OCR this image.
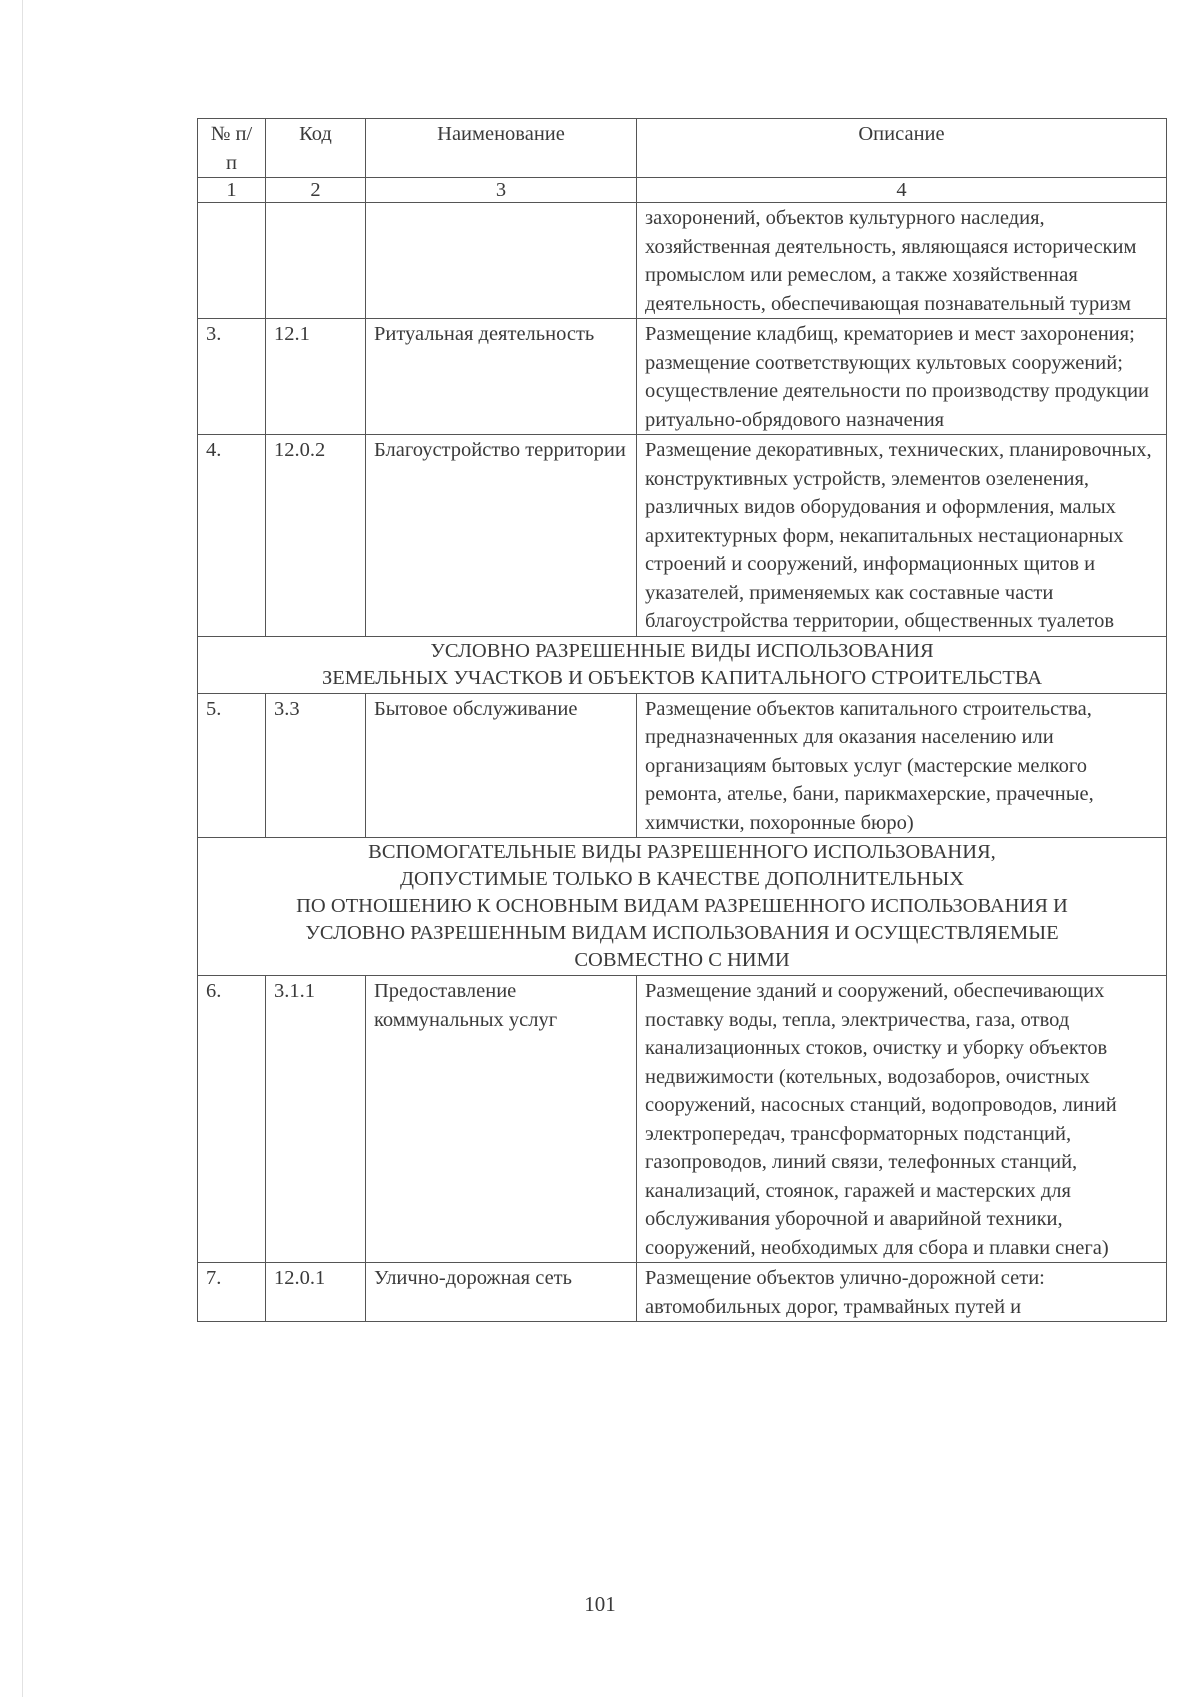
№ п/п	Код	Наименование	Описание
1	2	3	4
			захоронений, объектов культурного наследия, хозяйственная деятельность, являющаяся историческим промыслом или ремеслом, а также хозяйственная деятельность, обеспечивающая познавательный туризм
3.	12.1	Ритуальная деятельность	Размещение кладбищ, крематориев и мест захоронения; размещение соответствующих культовых сооружений; осуществление деятельности по производству продукции ритуально-обрядового назначения
4.	12.0.2	Благоустройство территории	Размещение декоративных, технических, планировочных, конструктивных устройств, элементов озеленения, различных видов оборудования и оформления, малых архитектурных форм, некапитальных нестационарных строений и сооружений, информационных щитов и указателей, применяемых как составные части благоустройства территории, общественных туалетов

УСЛОВНО РАЗРЕШЕННЫЕ ВИДЫ ИСПОЛЬЗОВАНИЯ
ЗЕМЕЛЬНЫХ УЧАСТКОВ И ОБЪЕКТОВ КАПИТАЛЬНОГО СТРОИТЕЛЬСТВА			

5.	3.3	Бытовое обслуживание	Размещение объектов капитального строительства, предназначенных для оказания населению или организациям бытовых услуг (мастерские мелкого ремонта, ателье, бани, парикмахерские, прачечные, химчистки, похоронные бюро)

ВСПОМОГАТЕЛЬНЫЕ ВИДЫ РАЗРЕШЕННОГО ИСПОЛЬЗОВАНИЯ,
ДОПУСТИМЫЕ ТОЛЬКО В КАЧЕСТВЕ ДОПОЛНИТЕЛЬНЫХ
ПО ОТНОШЕНИЮ К ОСНОВНЫМ ВИДАМ РАЗРЕШЕННОГО ИСПОЛЬЗОВАНИЯ И
УСЛОВНО РАЗРЕШЕННЫМ ВИДАМ ИСПОЛЬЗОВАНИЯ И ОСУЩЕСТВЛЯЕМЫЕ
СОВМЕСТНО С НИМИ			

6.	3.1.1	Предоставление коммунальных услуг	Размещение зданий и сооружений, обеспечивающих поставку воды, тепла, электричества, газа, отвод канализационных стоков, очистку и уборку объектов недвижимости (котельных, водозаборов, очистных сооружений, насосных станций, водопроводов, линий электропередач, трансформаторных подстанций, газопроводов, линий связи, телефонных станций, канализаций, стоянок, гаражей и мастерских для обслуживания уборочной и аварийной техники, сооружений, необходимых для сбора и плавки снега)
7.	12.0.1	Улично-дорожная сеть	Размещение объектов улично-дорожной сети: автомобильных дорог, трамвайных путей и
101
